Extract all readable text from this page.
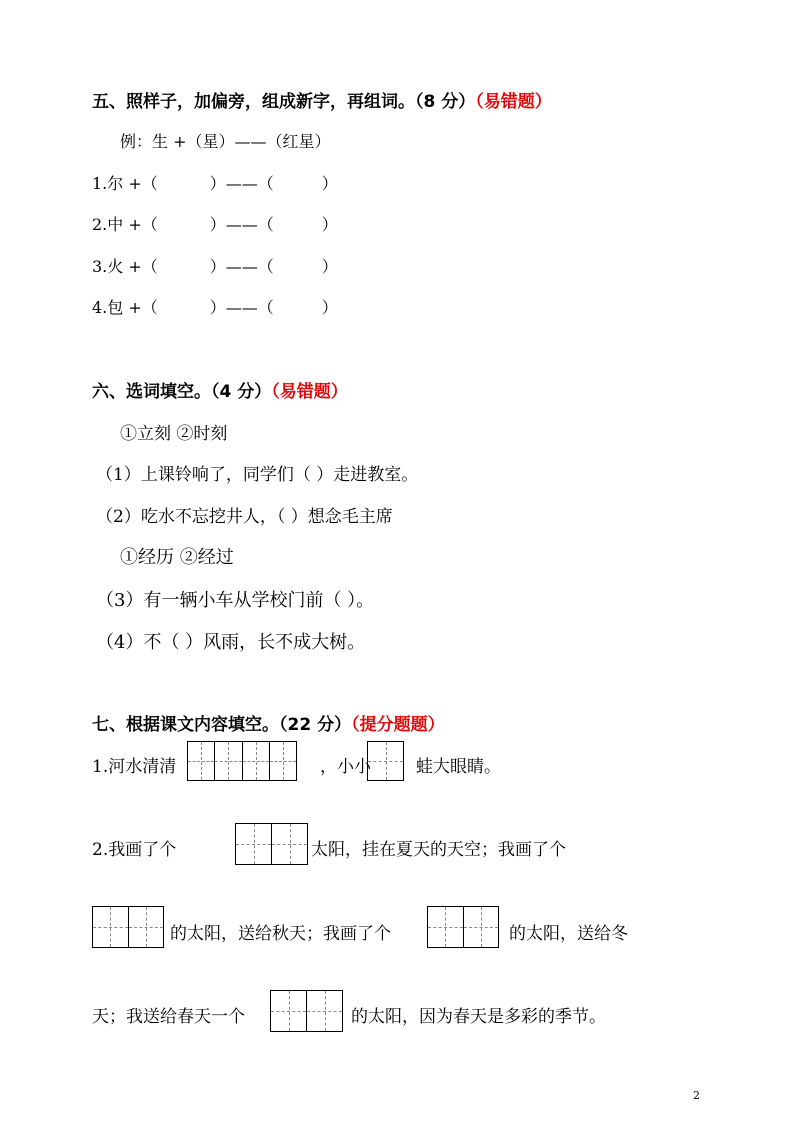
五、照样子，加偏旁，组成新字，再组词。（8 分）（易错题）
例：生 +（星）——（红星）
1.尔 +（	）——（	）
2.中 +（	）——（	）
3.火 +（	）——（	）
4.包 +（	）——（	）
六、选词填空。（4 分）（易错题）
①立刻 ②时刻
（1）上课铃响了，同学们（ ）走进教室。
（2）吃水不忘挖井人，（ ）想念毛主席
①经历 ②经过
（3）有一辆小车从学校门前（ ）。
（4）不（ ）风雨，长不成大树。
七、根据课文内容填空。（22 分）（提分题题）
1.河水清清	，小小	蛙大眼睛。
2.我画了个	太阳，挂在夏天的天空；我画了个
的太阳，送给秋天；我画了个	的太阳，送给冬
天；我送给春天一个	的太阳，因为春天是多彩的季节。
2
